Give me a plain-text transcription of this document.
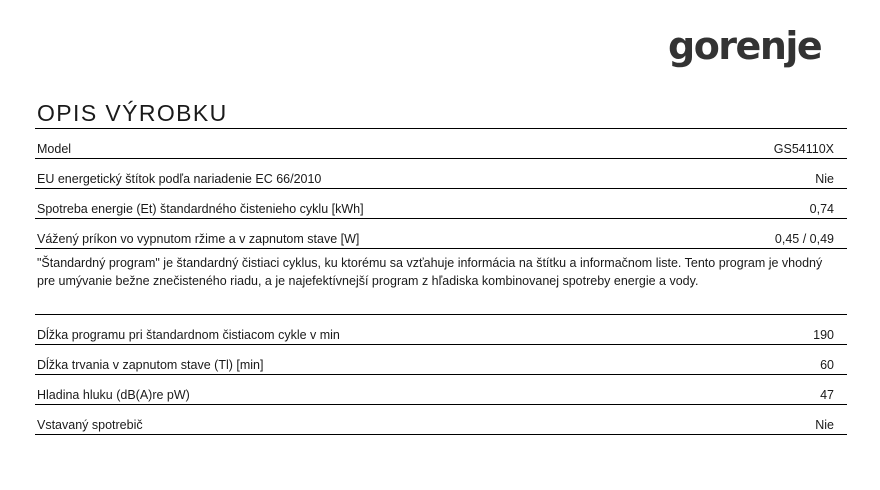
gorenje
OPIS VÝROBKU
Model	GS54110X
EU energetický štítok podľa nariadenie EC 66/2010	Nie
Spotreba energie (Et) štandardného čistenieho cyklu [kWh]	0,74
Vážený príkon vo vypnutom ržime a v zapnutom stave [W]	0,45 / 0,49
"Štandardný program" je štandardný čistiaci cyklus, ku ktorému sa vzťahuje informácia na štítku a informačnom liste. Tento program je vhodný pre umývanie bežne znečisteného riadu, a je najefektívnejší program z hľadiska kombinovanej spotreby energie a vody.
Dĺžka programu pri štandardnom čistiacom cykle v min	190
Dĺžka trvania v zapnutom stave (Tl) [min]	60
Hladina hluku (dB(A)re pW)	47
Vstavaný spotrebič	Nie
